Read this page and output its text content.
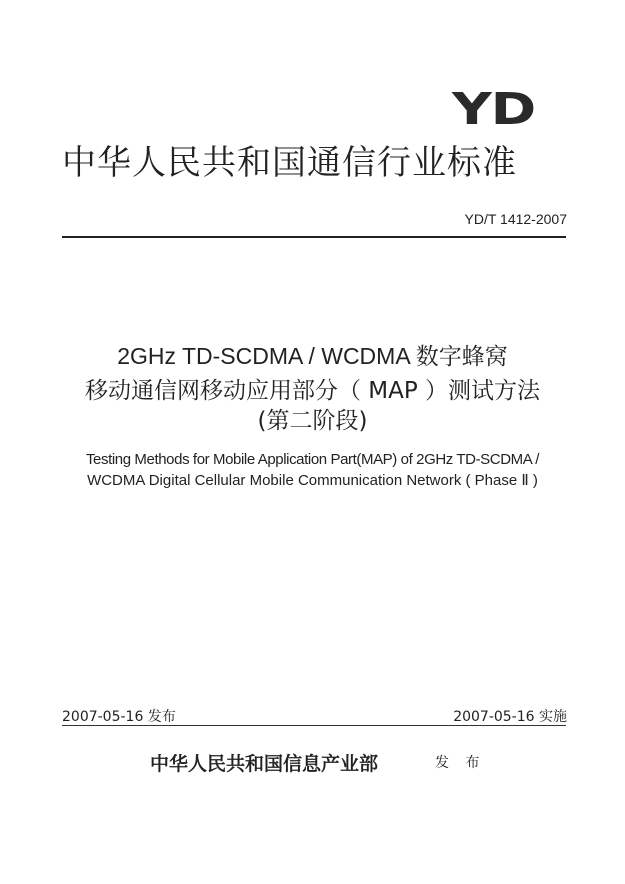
YD
中华人民共和国通信行业标准
YD/T 1412-2007
2GHz TD-SCDMA / WCDMA 数字蜂窝
移动通信网移动应用部分（ MAP ）测试方法
(第二阶段)
Testing Methods for Mobile Application Part(MAP) of 2GHz TD-SCDMA /
WCDMA Digital Cellular Mobile Communication Network ( Phase Ⅱ )
2007-05-16 发布	2007-05-16 实施
中华人民共和国信息产业部	发 布
